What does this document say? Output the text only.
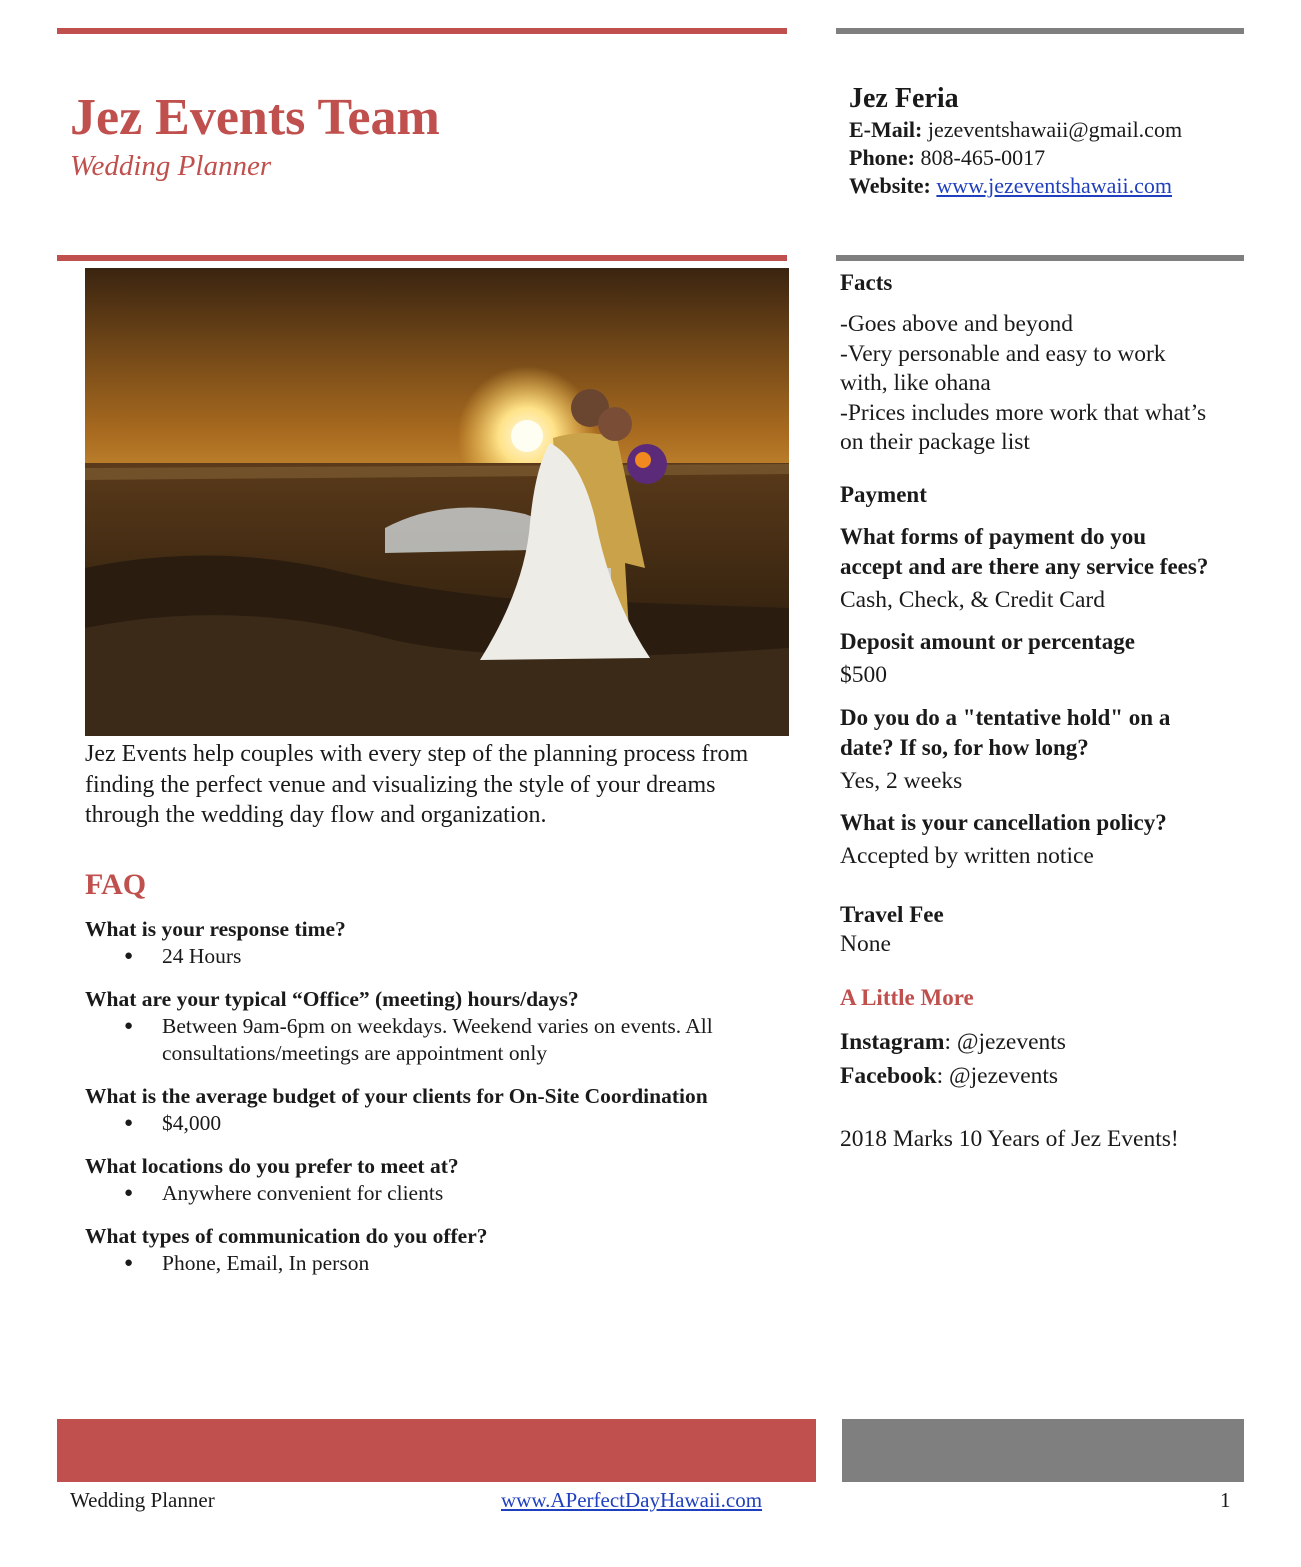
Jez Events Team
Wedding Planner
Jez Feria
E-Mail: jezeventshawaii@gmail.com
Phone: 808-465-0017
Website: www.jezeventshawaii.com
Jez Events help couples with every step of the planning process from finding the perfect venue and visualizing the style of your dreams through the wedding day flow and organization.
FAQ
What is your response time?
● 24 Hours
What are your typical “Office” (meeting) hours/days?
● Between 9am-6pm on weekdays. Weekend varies on events. All consultations/meetings are appointment only
What is the average budget of your clients for On-Site Coordination
● $4,000
What locations do you prefer to meet at?
● Anywhere convenient for clients
What types of communication do you offer?
● Phone, Email, In person
Facts
-Goes above and beyond
-Very personable and easy to work with, like ohana
-Prices includes more work that what’s on their package list
Payment
What forms of payment do you accept and are there any service fees?
Cash, Check, & Credit Card
Deposit amount or percentage
$500
Do you do a "tentative hold" on a date? If so, for how long?
Yes, 2 weeks
What is your cancellation policy?
Accepted by written notice
Travel Fee
None
A Little More
Instagram: @jezevents
Facebook: @jezevents
2018 Marks 10 Years of Jez Events!
Wedding Planner	www.APerfectDayHawaii.com	1
